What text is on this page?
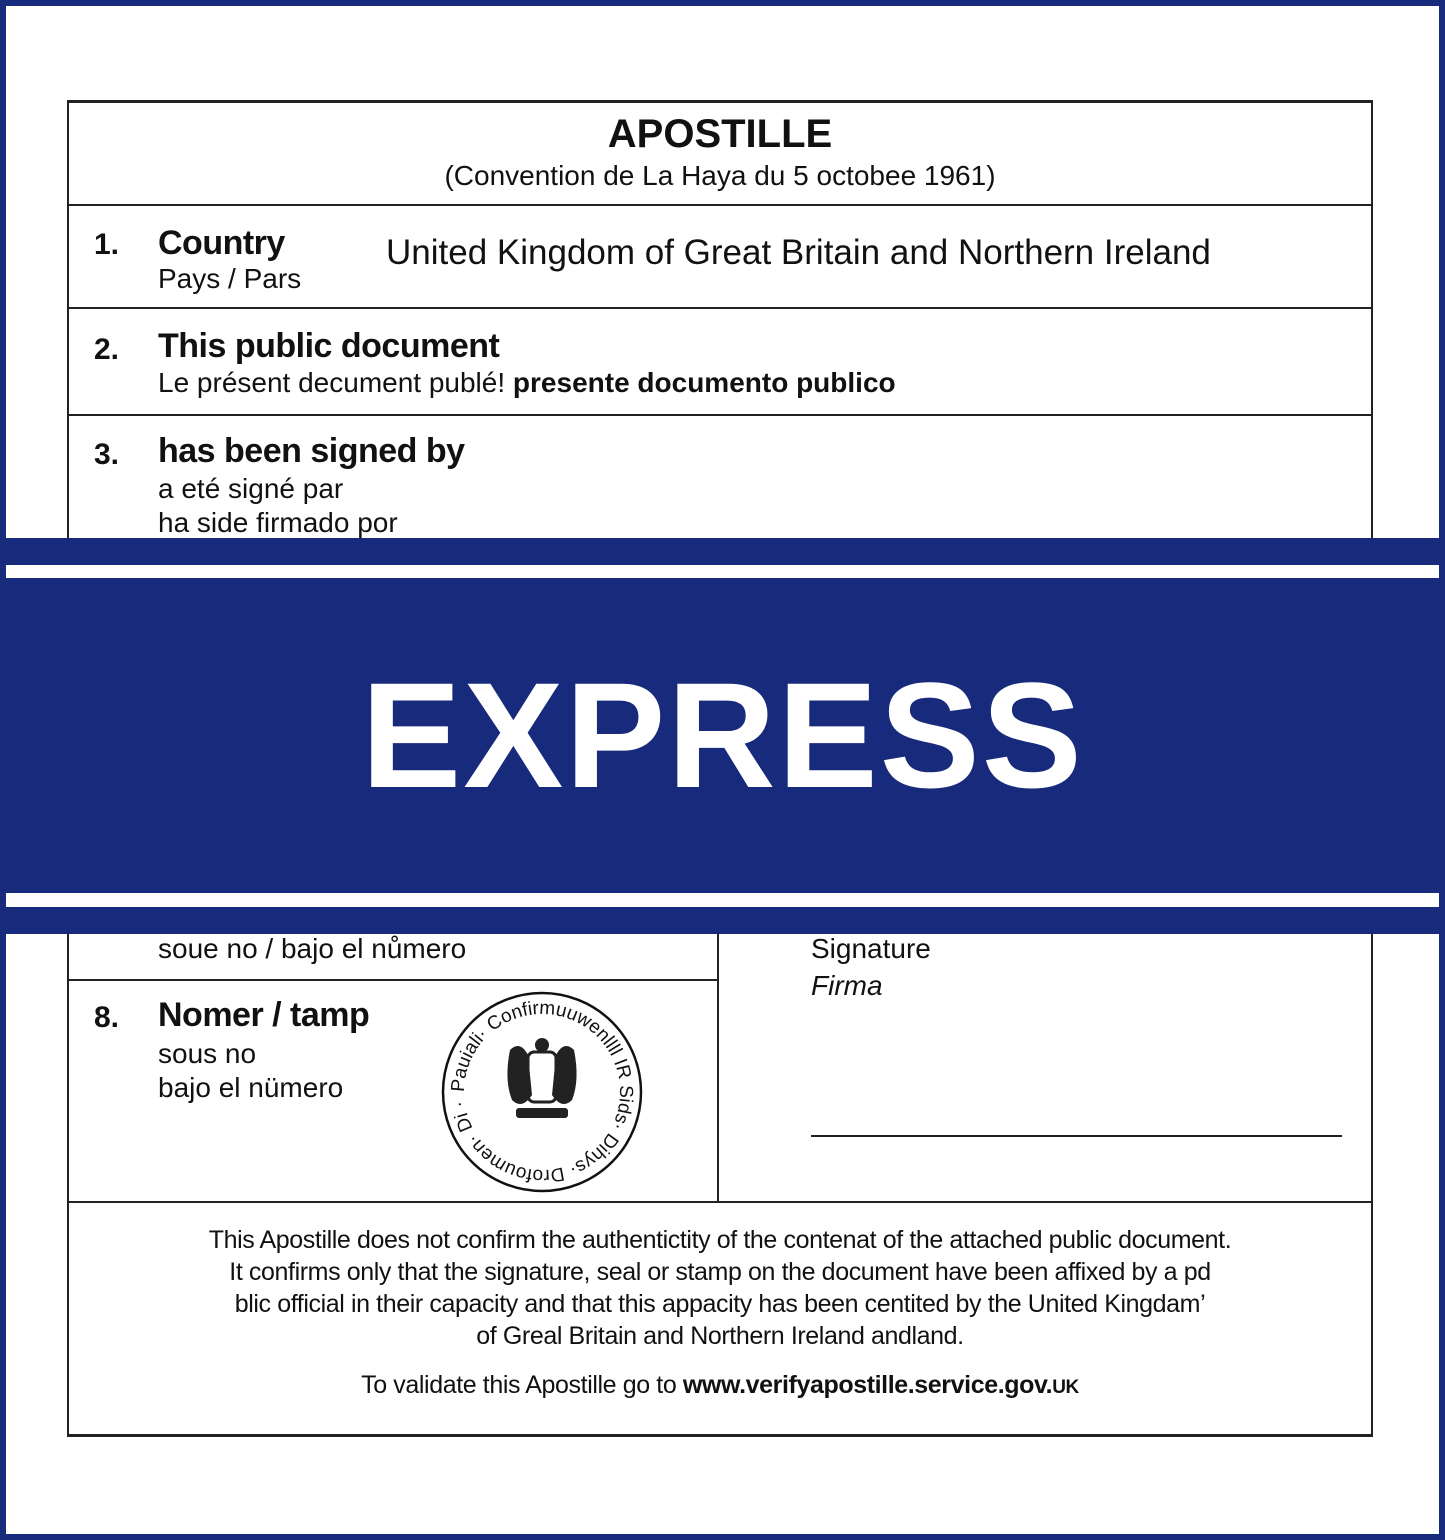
APOSTILLE
(Convention de La Haya du 5 octobee 1961)
1. Country
Pays / Pars
United Kingdom of Great Britain and Northern Ireland
2. This public document
Le présent decument publé! presente documento publico
3. has been signed by
a eté signé par
ha side firmado por
EXPRESS
soue no / bajo el nůmero
8. Nomer / tamp
sous no
bajo el nümero	Pauiali· Confirmuuwenllll IR Sids· Dihys· Drofoumen· Di ·
Signature
Firma
This Apostille does not confirm the authentictity of the contenat of the attached public document.
It confirms only that the signature, seal or stamp on the document have been affixed by a pd
blic official in their capacity and that this appacity has been centited by the United Kingdam’
of Greal Britain and Northern Ireland andland.
To validate this Apostille go to www.verifyapostille.service.gov.UK
